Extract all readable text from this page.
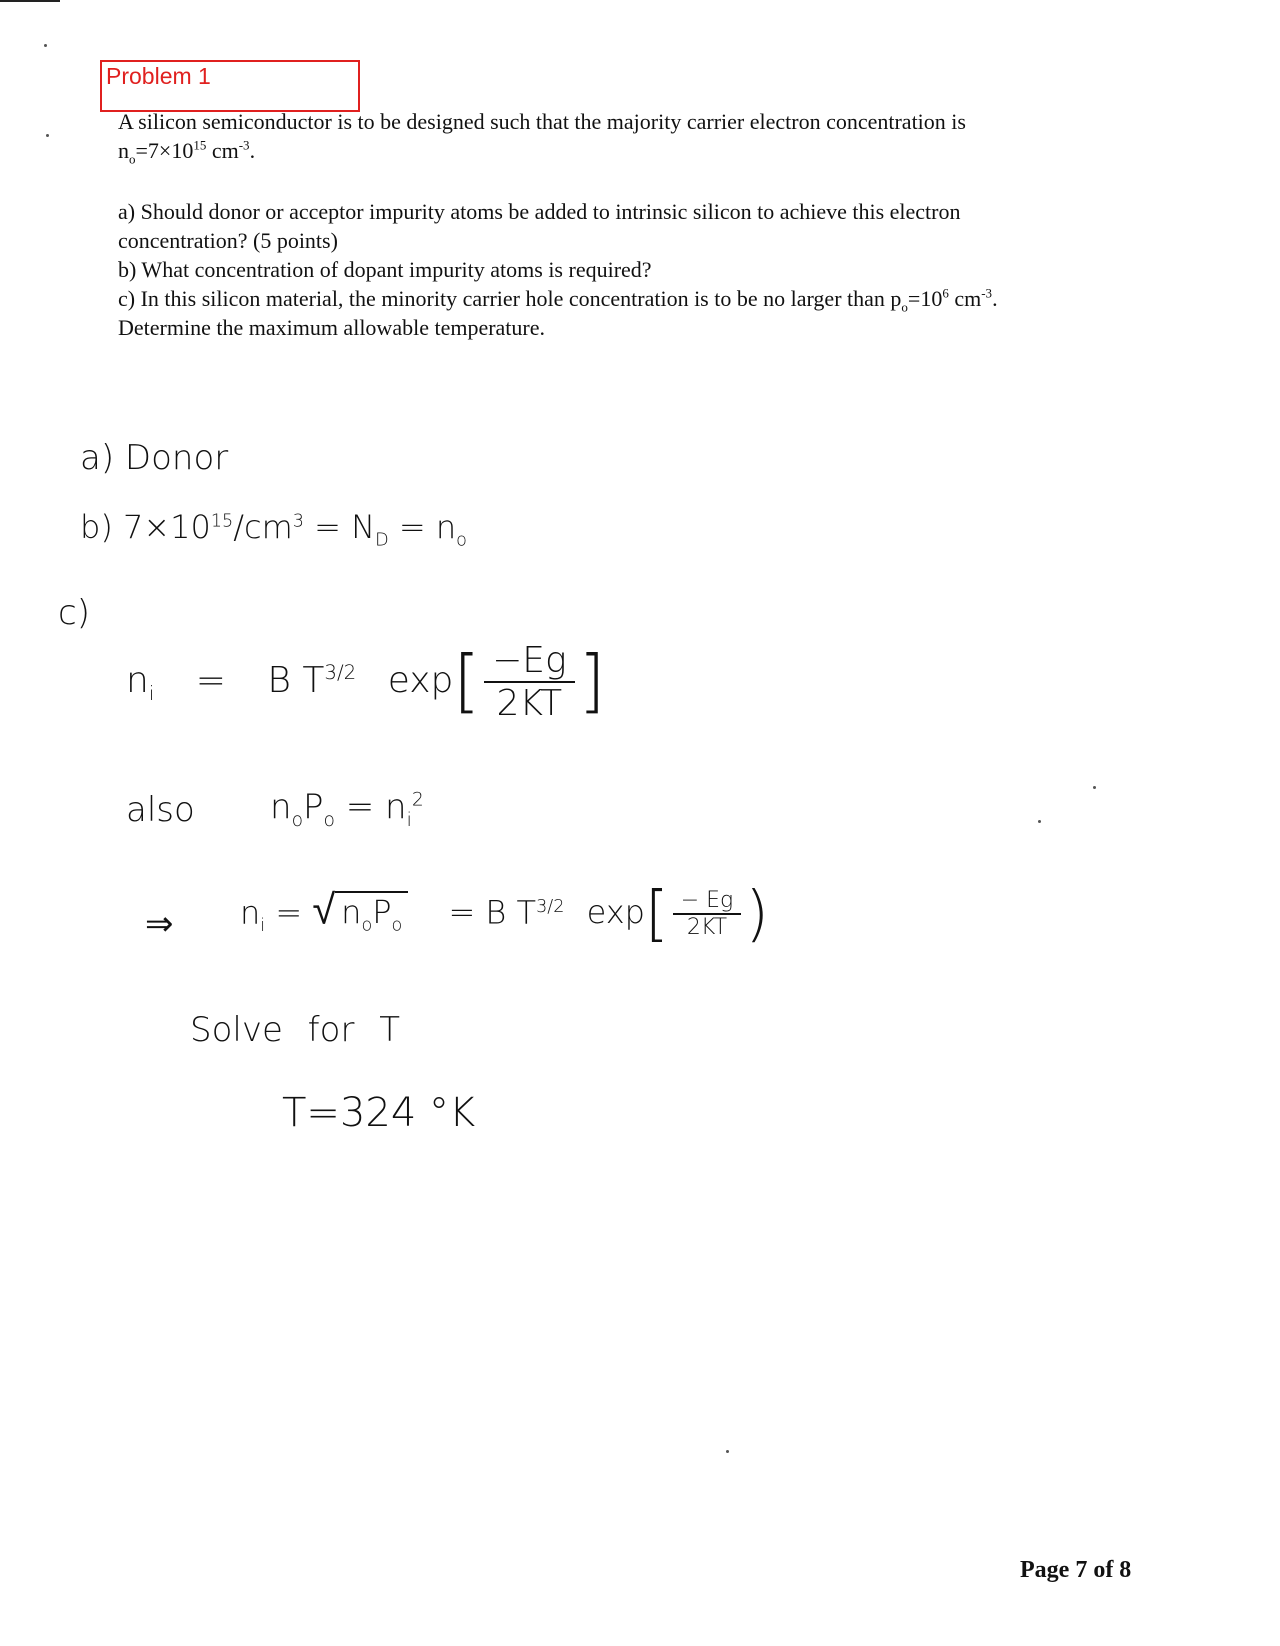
Problem 1
A silicon semiconductor is to be designed such that the majority carrier electron concentration is
$n_o=7\times 10^{15}$ $cm^{-3}$.
a) Should donor or acceptor impurity atoms be added to intrinsic silicon to achieve this electron
concentration? (5 points)
b) What concentration of dopant impurity atoms is required?
c) In this silicon material, the minority carrier hole concentration is to be no larger than $p_o=10^6$ $cm^{-3}$.
Determine the maximum allowable temperature.
a) Donor
b) $7\times 10^{15}/cm^3 = N_D = n_o$
c)
$n_i = B$ $T^{3/2}$ $\exp[ \frac{-Eg}{2KT}$ ]
also $n_oP_o = n_i^2$
⇒ $n_i$ = √ $n_oP_o = B$ $T^{3/2}$ $\exp[ \frac{- Eg}{2KT}$ )
Solve for T
T=324 °K
Page 7 of 8
